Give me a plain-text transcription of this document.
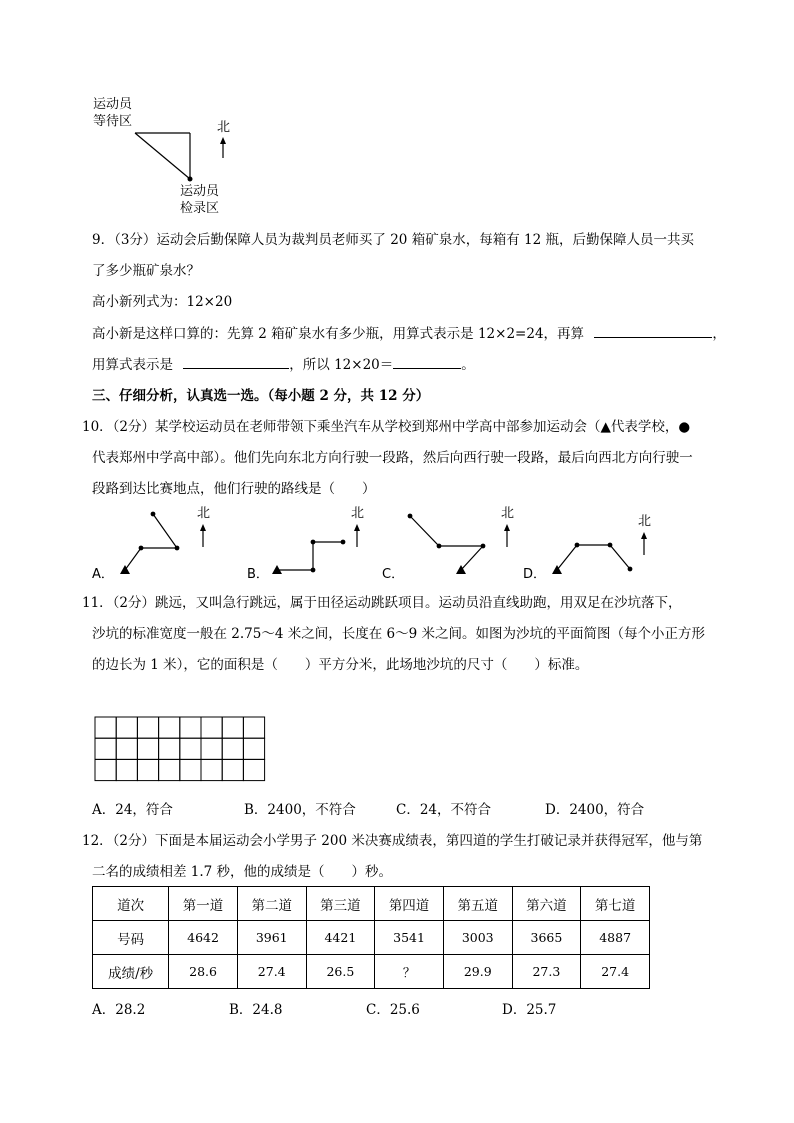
运动员
等待区
运动员
检录区
北
9．（3分）运动会后勤保障人员为裁判员老师买了 20 箱矿泉水，每箱有 12 瓶，后勤保障人员一共买
了多少瓶矿泉水？
高小新列式为：12×20
高小新是这样口算的：先算 2 箱矿泉水有多少瓶，用算式表示是 12×2=24，再算	，
用算式表示是	，所以 12×20＝	。
三、仔细分析，认真选一选。（每小题 2 分，共 12 分）
10．（2分）某学校运动员在老师带领下乘坐汽车从学校到郑州中学高中部参加运动会（▲代表学校，●
代表郑州中学高中部）。他们先向东北方向行驶一段路，然后向西行驶一段路，最后向西北方向行驶一
段路到达比赛地点，他们行驶的路线是（　　）
A．
北
B．
北
C．
北
D．
北
11．（2分）跳远，又叫急行跳远，属于田径运动跳跃项目。运动员沿直线助跑，用双足在沙坑落下，
沙坑的标准宽度一般在 2.75～4 米之间，长度在 6～9 米之间。如图为沙坑的平面简图（每个小正方形
的边长为 1 米），它的面积是（　　）平方分米，此场地沙坑的尺寸（　　）标准。
A．24，符合	B．2400，不符合	C．24，不符合	D．2400，符合
12．（2分）下面是本届运动会小学男子 200 米决赛成绩表，第四道的学生打破记录并获得冠军，他与第
二名的成绩相差 1.7 秒，他的成绩是（　　）秒。
道次	第一道	第二道	第三道	第四道	第五道	第六道	第七道
号码	4642	3961	4421	3541	3003	3665	4887
成绩/秒	28.6	27.4	26.5	？	29.9	27.3	27.4
A．28.2	B．24.8	C．25.6	D．25.7
